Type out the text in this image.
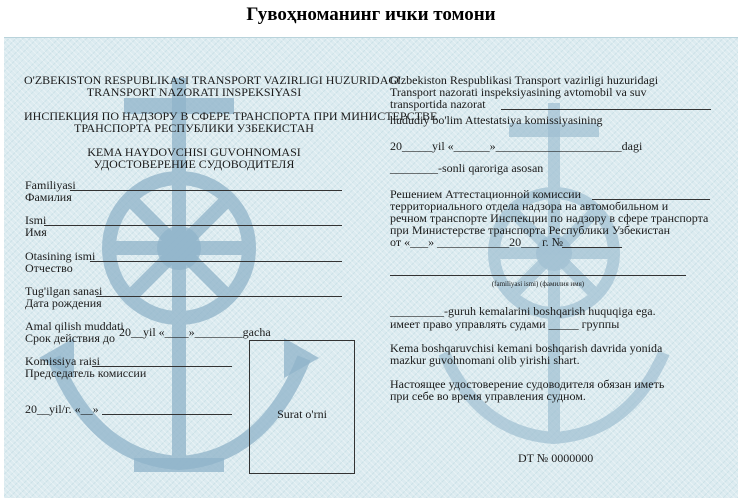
Гувоҳноманинг ички томони
O'ZBEKISTON RESPUBLIKASI TRANSPORT VAZIRLIGI HUZURIDAGI
TRANSPORT NAZORATI INSPEKSIYASI
ИНСПЕКЦИЯ ПО НАДЗОРУ В СФЕРЕ ТРАНСПОРТА ПРИ МИНИСТЕРСТВЕ
ТРАНСПОРТА РЕСПУБЛИКИ УЗБЕКИСТАН
KEMA HAYDOVCHISI GUVOHNOMASI
УДОСТОВЕРЕНИЕ СУДОВОДИТЕЛЯ
Familiyasi
Фамилия
Ismi
Имя
Otasining ismi
Отчество
Tug'ilgan sanasi
Дата рождения
Amal qilish muddati
Срок действия до 20__yil «____»________gacha
Komissiya raisi
Председатель комиссии
20__yil/г. «__»	Surat o'rni
O'zbekiston Respublikasi Transport vazirligi huzuridagi
Transport nazorati inspeksiyasining avtomobil va suv
transportida nazorat
hududiy bo'lim Attestatsiya komissiyasining
20_____yil «______»_____________________dagi
________-sonli qaroriga asosan
Решением Аттестационной комиссии
территориального отдела надзора на автомобильном и
речном транспорте Инспекции по надзору в сфере транспорта
при Министерстве транспорта Республики Узбекистан
от «___» ____________20___ г. №
(familiyasi ismi) (фамилия имя)
_________-guruh kemalarini boshqarish huquqiga ega.
имеет право управлять судами _____ группы
Kema boshqaruvchisi kemani boshqarish davrida yonida
mazkur guvohnomani olib yirishi shart.
Настоящее удостоверение судоводителя обязан иметь
при себе во время управления судном.
DT № 0000000
